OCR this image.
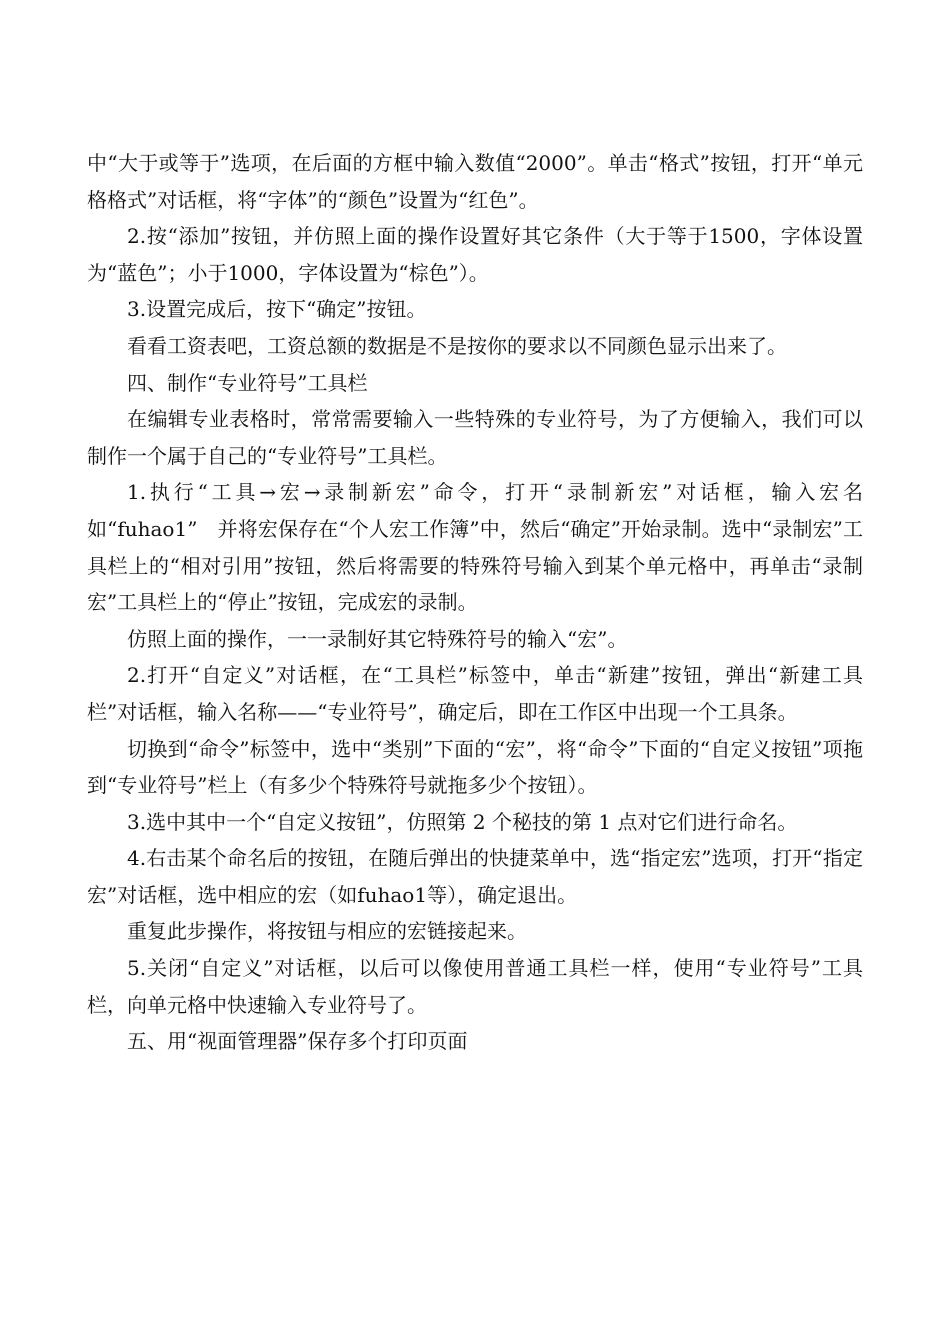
中“大于或等于”选项，在后面的方框中输入数值“2000”。单击“格式”按钮，打开“单元格格式”对话框，将“字体”的“颜色”设置为“红色”。

2.按“添加”按钮，并仿照上面的操作设置好其它条件（大于等于1500，字体设置为“蓝色”；小于1000，字体设置为“棕色”）。

3.设置完成后，按下“确定”按钮。

看看工资表吧，工资总额的数据是不是按你的要求以不同颜色显示出来了。

四、制作“专业符号”工具栏

在编辑专业表格时，常常需要输入一些特殊的专业符号，为了方便输入，我们可以制作一个属于自己的“专业符号”工具栏。

1.执行“工具→宏→录制新宏”命令，打开“录制新宏”对话框，输入宏名　如“fuhao1”　并将宏保存在“个人宏工作簿”中，然后“确定”开始录制。选中“录制宏”工具栏上的“相对引用”按钮，然后将需要的特殊符号输入到某个单元格中，再单击“录制宏”工具栏上的“停止”按钮，完成宏的录制。

仿照上面的操作，一一录制好其它特殊符号的输入“宏”。

2.打开“自定义”对话框，在“工具栏”标签中，单击“新建”按钮，弹出“新建工具栏”对话框，输入名称——“专业符号”，确定后，即在工作区中出现一个工具条。

切换到“命令”标签中，选中“类别”下面的“宏”，将“命令”下面的“自定义按钮”项拖到“专业符号”栏上（有多少个特殊符号就拖多少个按钮）。

3.选中其中一个“自定义按钮”，仿照第 2 个秘技的第 1 点对它们进行命名。

4.右击某个命名后的按钮，在随后弹出的快捷菜单中，选“指定宏”选项，打开“指定宏”对话框，选中相应的宏（如fuhao1等），确定退出。

重复此步操作，将按钮与相应的宏链接起来。

5.关闭“自定义”对话框，以后可以像使用普通工具栏一样，使用“专业符号”工具栏，向单元格中快速输入专业符号了。

五、用“视面管理器”保存多个打印页面
